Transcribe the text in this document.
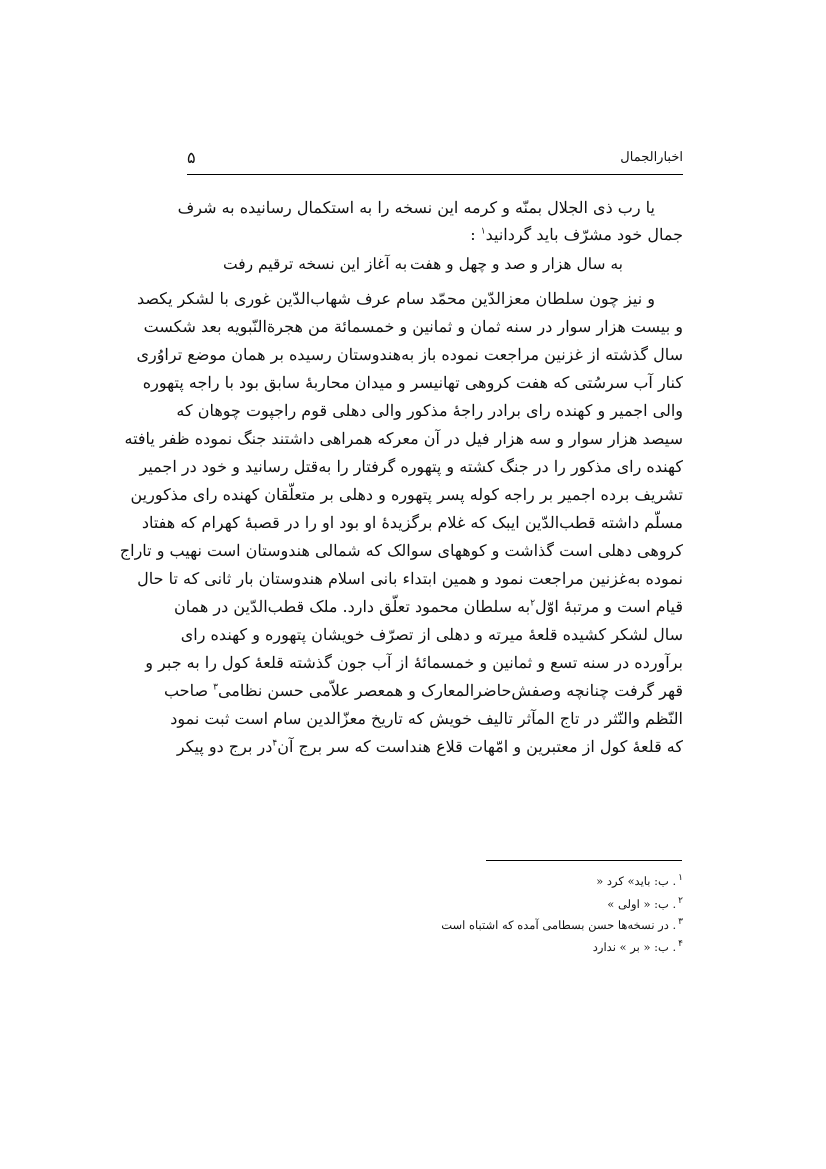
اخبارالجمال
۵
یا رب ذی الجلال بمنّه و کرمه این نسخه را به استکمال رسانیده به شرف
جمال خود مشرّف باید گردانید$^۱$ :
به سال هزار و صد و چهل و هفت
به آغاز این نسخه ترقیم رفت
و نیز چون سلطان معزالدّین محمّد سام عرف شهاب‌الدّین غوری با لشکر یکصد
و بیست هزار سوار در سنه ثمان و ثمانین و خمسمائة من هجرةالنّبویه بعد شکست
سال گذشته از غزنین مراجعت نموده باز به‌هندوستان رسیده بر همان موضع تراوُری
کنار آب سرسُتی که هفت کروهی تهانیسر و میدان محاربهٔ سابق بود با راجه پتهوره
والی اجمیر و کهنده رای برادر راجهٔ مذکور والی دهلی قوم راجپوت چوهان که
سیصد هزار سوار و سه هزار فیل در آن معرکه همراهی داشتند جنگ نموده ظفر یافته
کهنده رای مذکور را در جنگ کشته و پتهوره گرفتار را به‌قتل رسانید و خود در اجمیر
تشریف برده اجمیر بر راجه کوله پسر پتهوره و دهلی بر متعلّقان کهنده رای مذکورین
مسلّم داشته قطب‌الدّین ایبک که غلام برگزیدهٔ او بود او را در قصبهٔ کهرام که هفتاد
کروهی دهلی است گذاشت و کوههای سوالک که شمالی هندوستان است نهیب و تاراج
نموده به‌غزنین مراجعت نمود و همین ابتداء بانی اسلام هندوستان بار ثانی که تا حال
قیام است و مرتبهٔ اوّل$^۲$به سلطان محمود تعلّق دارد. ملک قطب‌الدّین در همان
سال لشکر کشیده قلعهٔ میرته و دهلی از تصرّف خویشان پتهوره و کهنده رای
برآورده در سنه تسع و ثمانین و خمسمائهٔ از آب جون گذشته قلعهٔ کول را به جبر و
قهر گرفت چنانچه وصفش‌حاضرالمعارک و همعصر علاّمی حسن نظامی$^۳$ صاحب
النّظم والنّثر در تاج المآثر تالیف خویش که تاریخ معزّالدین سام است ثبت نمود
که قلعهٔ کول از معتبرین و امّهات قلاع هنداست که سر برج آن$^۴$در برج دو پیکر
$^۱$. ب: باید» کرد «
$^۲$. ب: « اولی »
$^۳$. در نسخه‌ها حسن بسطامی آمده که اشتباه است
$^۴$. ب: « بر » ندارد
